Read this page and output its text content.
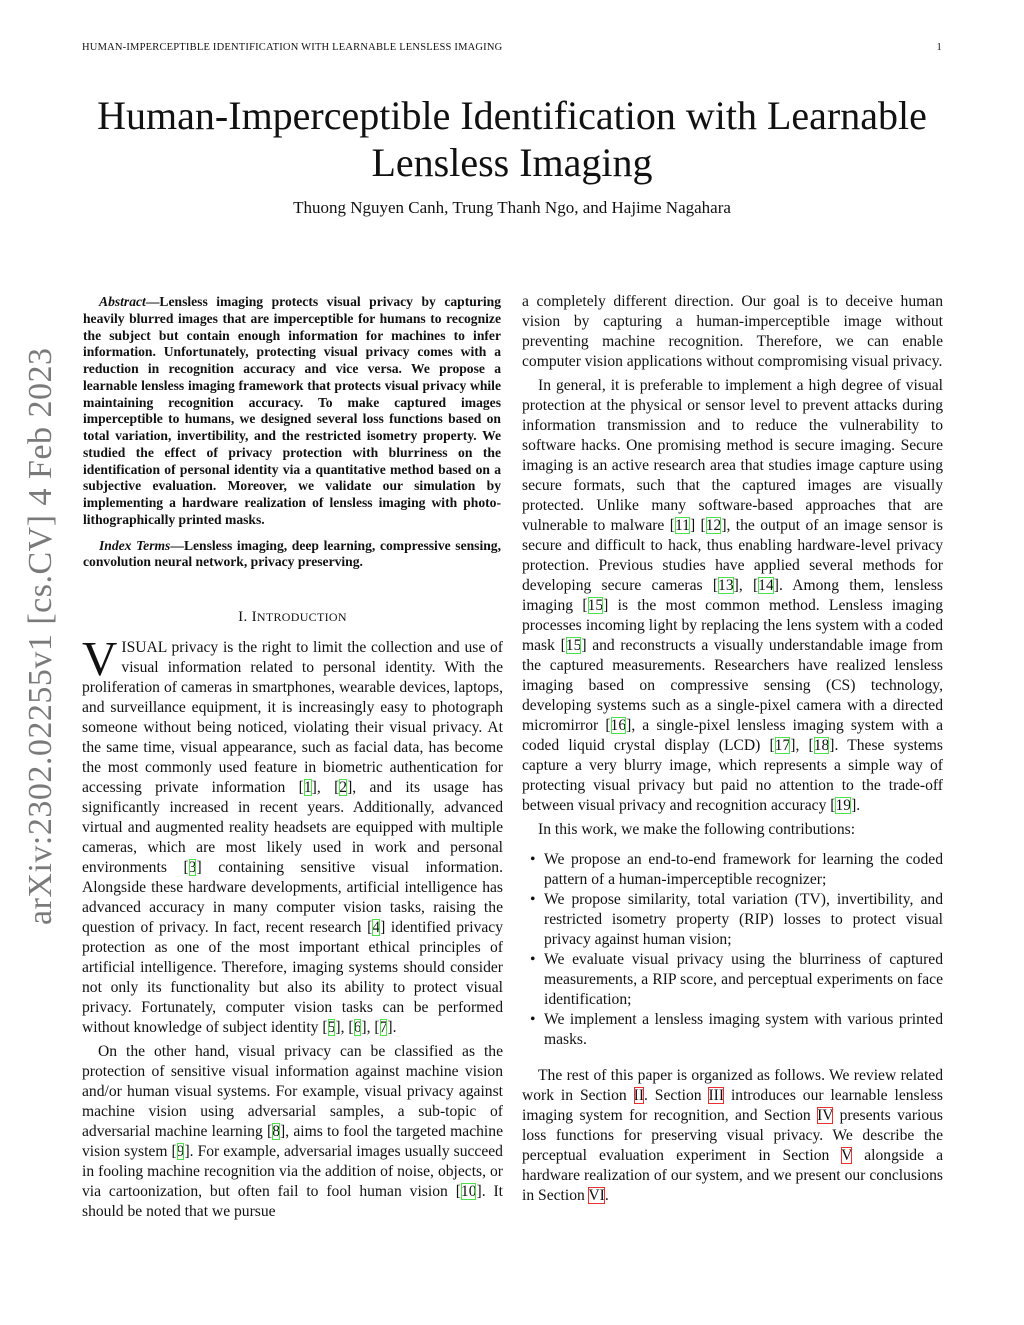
HUMAN-IMPERCEPTIBLE IDENTIFICATION WITH LEARNABLE LENSLESS IMAGING	1
arXiv:2302.02255v1 [cs.CV] 4 Feb 2023
Human-Imperceptible Identification with Learnable Lensless Imaging
Thuong Nguyen Canh, Trung Thanh Ngo, and Hajime Nagahara

Abstract—Lensless imaging protects visual privacy by capturing heavily blurred images that are imperceptible for humans to recognize the subject but contain enough information for machines to infer information. Unfortunately, protecting visual privacy comes with a reduction in recognition accuracy and vice versa. We propose a learnable lensless imaging framework that protects visual privacy while maintaining recognition accuracy. To make captured images imperceptible to humans, we designed several loss functions based on total variation, invertibility, and the restricted isometry property. We studied the effect of privacy protection with blurriness on the identification of personal identity via a quantitative method based on a subjective evaluation. Moreover, we validate our simulation by implementing a hardware realization of lensless imaging with photo-lithographically printed masks.

Index Terms—Lensless imaging, deep learning, compressive sensing, convolution neural network, privacy preserving.

I. INTRODUCTION

VISUAL privacy is the right to limit the collection and use of visual information related to personal identity. With the proliferation of cameras in smartphones, wearable devices, laptops, and surveillance equipment, it is increasingly easy to photograph someone without being noticed, violating their visual privacy. At the same time, visual appearance, such as facial data, has become the most commonly used feature in biometric authentication for accessing private information [1], [2], and its usage has significantly increased in recent years. Additionally, advanced virtual and augmented reality headsets are equipped with multiple cameras, which are most likely used in work and personal environments [3] containing sensitive visual information. Alongside these hardware developments, artificial intelligence has advanced accuracy in many computer vision tasks, raising the question of privacy. In fact, recent research [4] identified privacy protection as one of the most important ethical principles of artificial intelligence. Therefore, imaging systems should consider not only its functionality but also its ability to protect visual privacy. Fortunately, computer vision tasks can be performed without knowledge of subject identity [5], [6], [7].

On the other hand, visual privacy can be classified as the protection of sensitive visual information against machine vision and/or human visual systems. For example, visual privacy against machine vision using adversarial samples, a sub-topic of adversarial machine learning [8], aims to fool the targeted machine vision system [9]. For example, adversarial images usually succeed in fooling machine recognition via the addition of noise, objects, or via cartoonization, but often fail to fool human vision [10]. It should be noted that we pursue

a completely different direction. Our goal is to deceive human vision by capturing a human-imperceptible image without preventing machine recognition. Therefore, we can enable computer vision applications without compromising visual privacy.

In general, it is preferable to implement a high degree of visual protection at the physical or sensor level to prevent attacks during information transmission and to reduce the vulnerability to software hacks. One promising method is secure imaging. Secure imaging is an active research area that studies image capture using secure formats, such that the captured images are visually protected. Unlike many software-based approaches that are vulnerable to malware [11] [12], the output of an image sensor is secure and difficult to hack, thus enabling hardware-level privacy protection. Previous studies have applied several methods for developing secure cameras [13], [14]. Among them, lensless imaging [15] is the most common method. Lensless imaging processes incoming light by replacing the lens system with a coded mask [15] and reconstructs a visually understandable image from the captured measurements. Researchers have realized lensless imaging based on compressive sensing (CS) technology, developing systems such as a single-pixel camera with a directed micromirror [16], a single-pixel lensless imaging system with a coded liquid crystal display (LCD) [17], [18]. These systems capture a very blurry image, which represents a simple way of protecting visual privacy but paid no attention to the trade-off between visual privacy and recognition accuracy [19].

In this work, we make the following contributions:

• We propose an end-to-end framework for learning the coded pattern of a human-imperceptible recognizer;
• We propose similarity, total variation (TV), invertibility, and restricted isometry property (RIP) losses to protect visual privacy against human vision;
• We evaluate visual privacy using the blurriness of captured measurements, a RIP score, and perceptual experiments on face identification;
• We implement a lensless imaging system with various printed masks.

The rest of this paper is organized as follows. We review related work in Section II. Section III introduces our learnable lensless imaging system for recognition, and Section IV presents various loss functions for preserving visual privacy. We describe the perceptual evaluation experiment in Section V alongside a hardware realization of our system, and we present our conclusions in Section VI.
